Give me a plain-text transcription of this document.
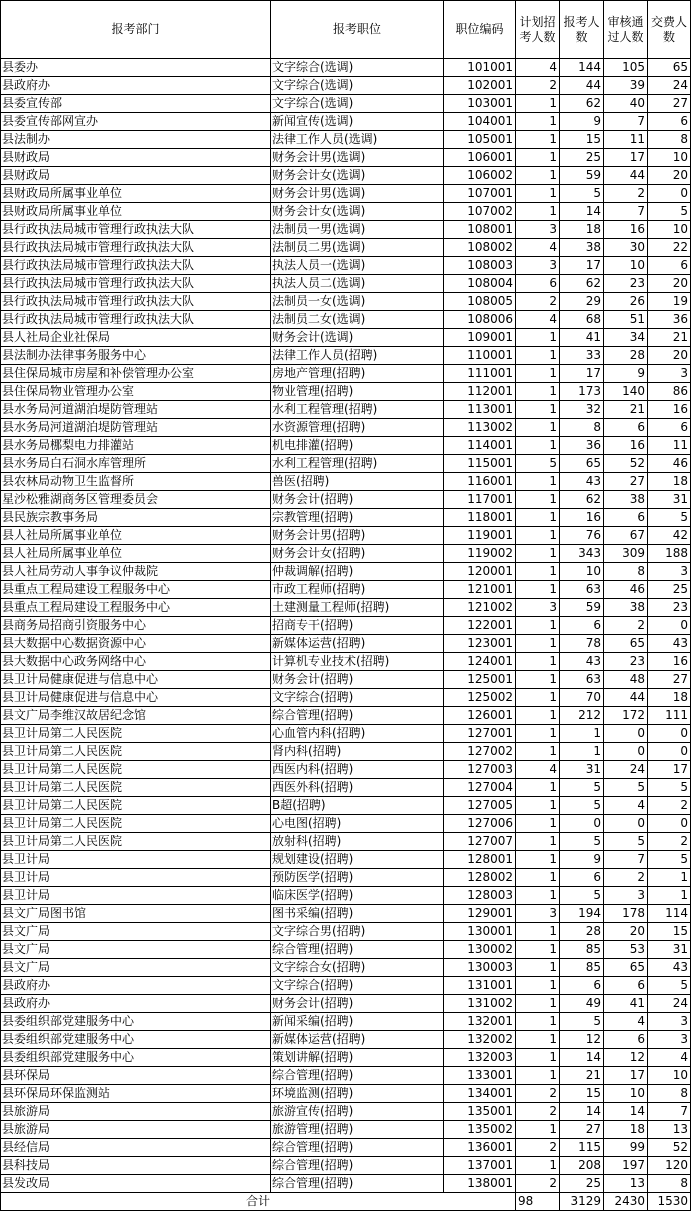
报考部门	报考职位	职位编码	计划招考人数	报考人数	审核通过人数	交费人数
县委办	文字综合(选调)	101001	4	144	105	65
县政府办	文字综合(选调)	102001	2	44	39	24
县委宣传部	文字综合(选调)	103001	1	62	40	27
县委宣传部网宣办	新闻宣传(选调)	104001	1	9	7	6
县法制办	法律工作人员(选调)	105001	1	15	11	8
县财政局	财务会计男(选调)	106001	1	25	17	10
县财政局	财务会计女(选调)	106002	1	59	44	20
县财政局所属事业单位	财务会计男(选调)	107001	1	5	2	0
县财政局所属事业单位	财务会计女(选调)	107002	1	14	7	5
县行政执法局城市管理行政执法大队	法制员一男(选调)	108001	3	18	16	10
县行政执法局城市管理行政执法大队	法制员二男(选调)	108002	4	38	30	22
县行政执法局城市管理行政执法大队	执法人员一(选调)	108003	3	17	10	6
县行政执法局城市管理行政执法大队	执法人员二(选调)	108004	6	62	23	20
县行政执法局城市管理行政执法大队	法制员一女(选调)	108005	2	29	26	19
县行政执法局城市管理行政执法大队	法制员二女(选调)	108006	4	68	51	36
县人社局企业社保局	财务会计(选调)	109001	1	41	34	21
县法制办法律事务服务中心	法律工作人员(招聘)	110001	1	33	28	20
县住保局城市房屋和补偿管理办公室	房地产管理(招聘)	111001	1	17	9	3
县住保局物业管理办公室	物业管理(招聘)	112001	1	173	140	86
县水务局河道湖泊堤防管理站	水利工程管理(招聘)	113001	1	32	21	16
县水务局河道湖泊堤防管理站	水资源管理(招聘)	113002	1	8	6	6
县水务局梛梨电力排灌站	机电排灌(招聘)	114001	1	36	16	11
县水务局白石洞水库管理所	水利工程管理(招聘)	115001	5	65	52	46
县农林局动物卫生监督所	兽医(招聘)	116001	1	43	27	18
星沙松雅湖商务区管理委员会	财务会计(招聘)	117001	1	62	38	31
县民族宗教事务局	宗教管理(招聘)	118001	1	16	6	5
县人社局所属事业单位	财务会计男(招聘)	119001	1	76	67	42
县人社局所属事业单位	财务会计女(招聘)	119002	1	343	309	188
县人社局劳动人事争议仲裁院	仲裁调解(招聘)	120001	1	10	8	3
县重点工程局建设工程服务中心	市政工程师(招聘)	121001	1	63	46	25
县重点工程局建设工程服务中心	土建测量工程师(招聘)	121002	3	59	38	23
县商务局招商引资服务中心	招商专干(招聘)	122001	1	6	2	0
县大数据中心数据资源中心	新媒体运营(招聘)	123001	1	78	65	43
县大数据中心政务网络中心	计算机专业技术(招聘)	124001	1	43	23	16
县卫计局健康促进与信息中心	财务会计(招聘)	125001	1	63	48	27
县卫计局健康促进与信息中心	文字综合(招聘)	125002	1	70	44	18
县文广局李维汉故居纪念馆	综合管理(招聘)	126001	1	212	172	111
县卫计局第二人民医院	心血管内科(招聘)	127001	1	1	0	0
县卫计局第二人民医院	肾内科(招聘)	127002	1	1	0	0
县卫计局第二人民医院	西医内科(招聘)	127003	4	31	24	17
县卫计局第二人民医院	西医外科(招聘)	127004	1	5	5	5
县卫计局第二人民医院	B超(招聘)	127005	1	5	4	2
县卫计局第二人民医院	心电图(招聘)	127006	1	0	0	0
县卫计局第二人民医院	放射科(招聘)	127007	1	5	5	2
县卫计局	规划建设(招聘)	128001	1	9	7	5
县卫计局	预防医学(招聘)	128002	1	6	2	1
县卫计局	临床医学(招聘)	128003	1	5	3	1
县文广局图书馆	图书采编(招聘)	129001	3	194	178	114
县文广局	文字综合男(招聘)	130001	1	28	20	15
县文广局	综合管理(招聘)	130002	1	85	53	31
县文广局	文字综合女(招聘)	130003	1	85	65	43
县政府办	文字综合(招聘)	131001	1	6	6	5
县政府办	财务会计(招聘)	131002	1	49	41	24
县委组织部党建服务中心	新闻采编(招聘)	132001	1	5	4	3
县委组织部党建服务中心	新媒体运营(招聘)	132002	1	12	6	3
县委组织部党建服务中心	策划讲解(招聘)	132003	1	14	12	4
县环保局	综合管理(招聘)	133001	1	21	17	10
县环保局环保监测站	环境监测(招聘)	134001	2	15	10	8
县旅游局	旅游宣传(招聘)	135001	2	14	14	7
县旅游局	旅游管理(招聘)	135002	1	27	18	13
县经信局	综合管理(招聘)	136001	2	115	99	52
县科技局	综合管理(招聘)	137001	1	208	197	120
县发改局	综合管理(招聘)	138001	2	25	13	8
合计			98	3129	2430	1530
